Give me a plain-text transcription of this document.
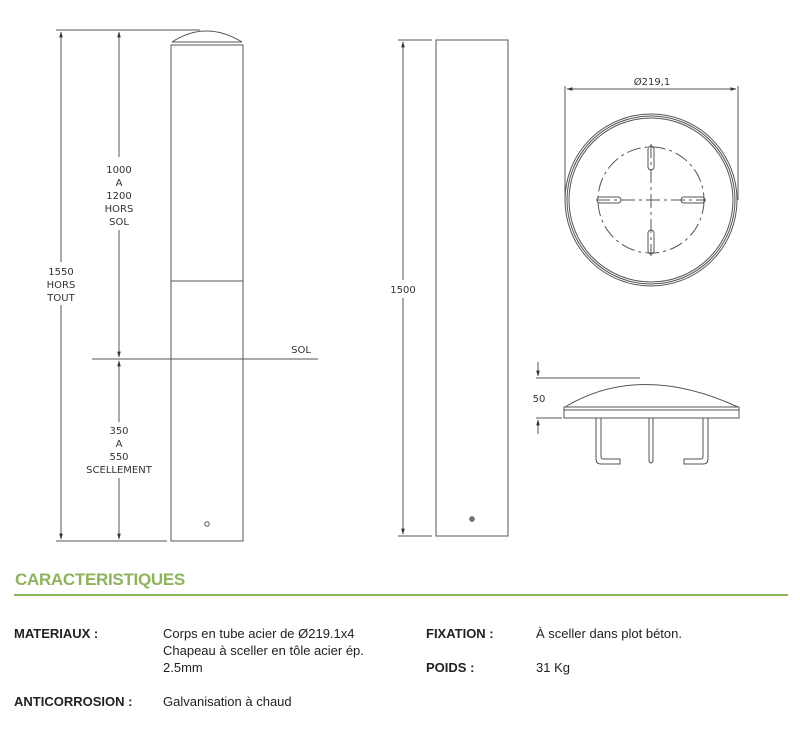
1550
HORS
TOUT
1000
A
1200
HORS
SOL
350
A
550
SCELLEMENT
SOL
1500
Ø219,1
50
CARACTERISTIQUES
MATERIAUX :	Corps en tube acier de Ø219.1x4
Chapeau à sceller en tôle acier ép.
2.5mm
ANTICORROSION : Galvanisation à chaud
FIXATION :	À sceller dans plot béton.
POIDS :	31 Kg
